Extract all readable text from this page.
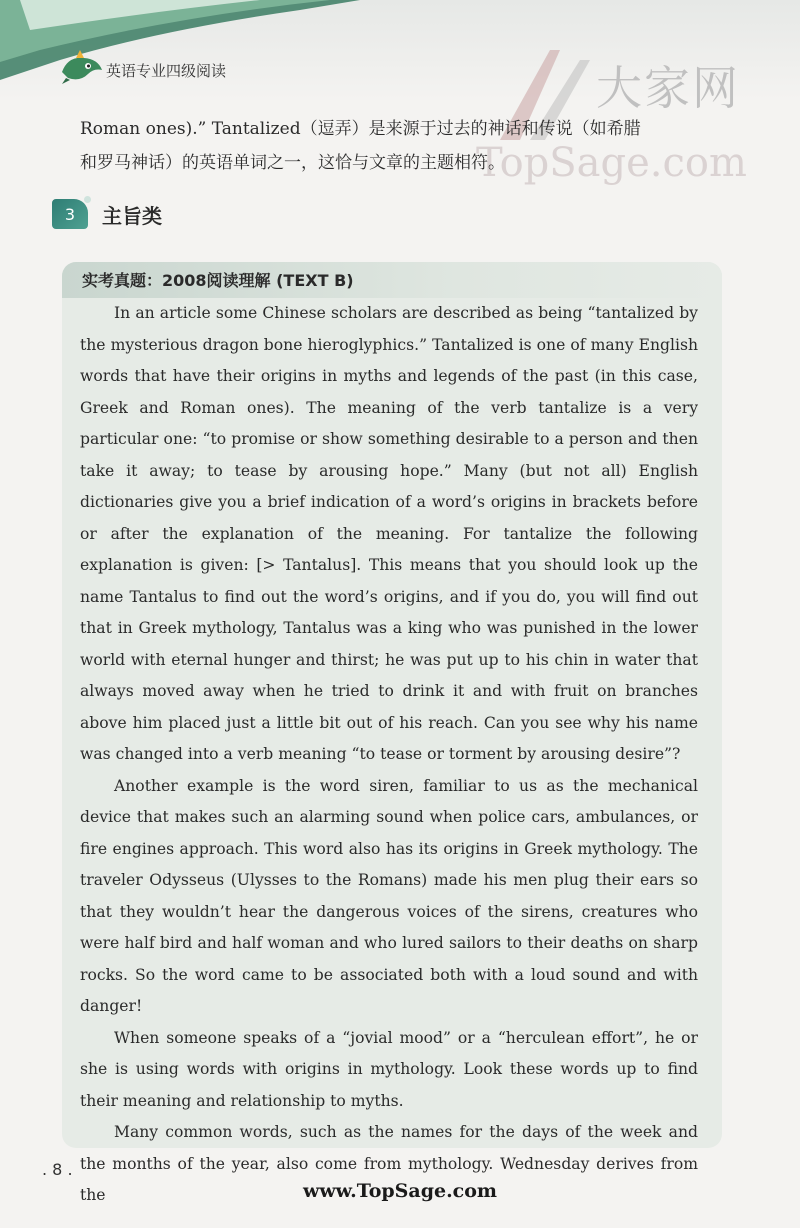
英语专业四级阅读	大家网
TopSage.com
Roman ones).” Tantalized（逗弄）是来源于过去的神话和传说（如希腊
和罗马神话）的英语单词之一，这恰与文章的主题相符。
3	主旨类
实考真题：2008阅读理解 (TEXT B)

In an article some Chinese scholars are described as being “tantalized by the mysterious dragon bone hieroglyphics.” Tantalized is one of many English words that have their origins in myths and legends of the past (in this case, Greek and Roman ones). The meaning of the verb tantalize is a very particular one: “to promise or show something desirable to a person and then take it away; to tease by arousing hope.” Many (but not all) English dictionaries give you a brief indication of a word’s origins in brackets before or after the explanation of the meaning. For tantalize the following explanation is given: [> Tantalus]. This means that you should look up the name Tantalus to find out the word’s origins, and if you do, you will find out that in Greek mythology, Tantalus was a king who was punished in the lower world with eternal hunger and thirst; he was put up to his chin in water that always moved away when he tried to drink it and with fruit on branches above him placed just a little bit out of his reach. Can you see why his name was changed into a verb meaning “to tease or torment by arousing desire”?

Another example is the word siren, familiar to us as the mechanical device that makes such an alarming sound when police cars, ambulances, or fire engines approach. This word also has its origins in Greek mythology. The traveler Odysseus (Ulysses to the Romans) made his men plug their ears so that they wouldn’t hear the dangerous voices of the sirens, creatures who were half bird and half woman and who lured sailors to their deaths on sharp rocks. So the word came to be associated both with a loud sound and with danger!

When someone speaks of a “jovial mood” or a “herculean effort”, he or she is using words with origins in mythology. Look these words up to find their meaning and relationship to myths.

Many common words, such as the names for the days of the week and the months of the year, also come from mythology. Wednesday derives from the

. 8 .
www.TopSage.com
